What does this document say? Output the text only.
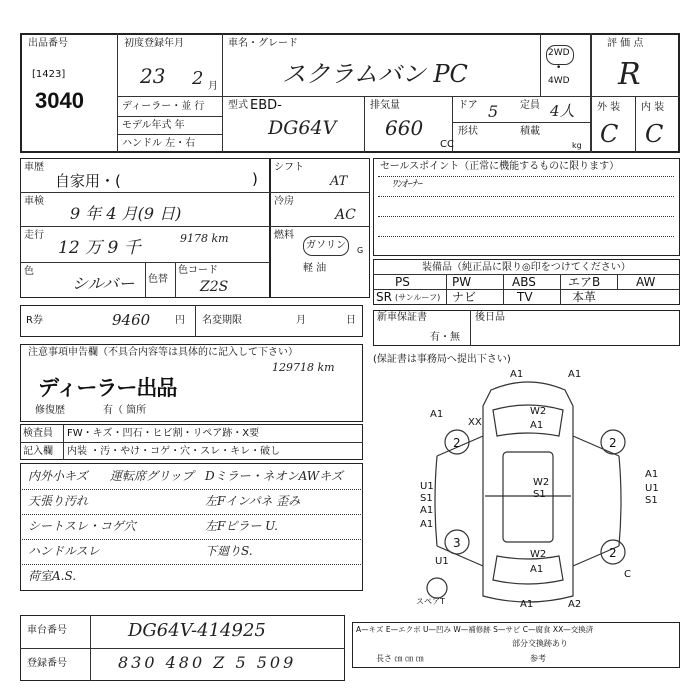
出品番号
[1423]
3040
初度登録年月
23 2 月
ディーラー・並 行
モデル年式 年
ハンドル 左・右
車名・グレード
スクラムバン PC
型式 EBD-
DG64V
排気量
660
CC
ドア 5 定員 4人
形状	積載
kg
2WD
•
4WD
評 価 点
R
外 装 内 装
C C
車歴
自家用・(	)
車検
9 年 4 月(9 日)
走行
12 万 9 千	9178 km
色
シルバー 色替
色コード
Z2S
シフト
AT
冷房
AC
燃料
ガソリン
軽 油
G
セールスポイント（正常に機能するものに限ります）
ﾜﾝｵｰﾅｰ
装備品（純正品に限り◎印をつけてください）
PS	PW	ABS	エアB	AW
SR (サンルーフ) ナビ	TV	本革
R券	9460 円 名変期限	月	日 新車保証書
有・無
後日品
注意事項申告欄（不具合内容等は具体的に記入して下さい）
129718 km
ディーラー出品
修復歴	有（ 箇所
検査員 FW・キズ・凹石・ヒビ割・リペア跡・X要
記入欄 内装 ・汚・やけ・コゲ・穴・スレ・キレ・破し
内外小キズ 運転席グリップ Dミラー・ネオンAWキズ
天張り汚れ	左Fインパネ 歪み
シートスレ・コゲ穴	左Fピラー U.
ハンドルスレ	下廻りS.
荷室A.S.
車台番号	DG64V-414925
登録番号	830 480 Z 5 509
(保証書は事務局へ提出下さい)
2	2
3
2
スペアT
A1	A1
XX
W2
A1
A1
W2
S1
U1
S1
A1
A1
U1
S1
A1
W2
U1
A1
A1	A2
C
A—キズ E—エクボ U—凹み W—補修跡 S—サビ C—腐食 XX—交換済
部分交換跡あり
長さ ㎝ ㎝ ㎝	参考
